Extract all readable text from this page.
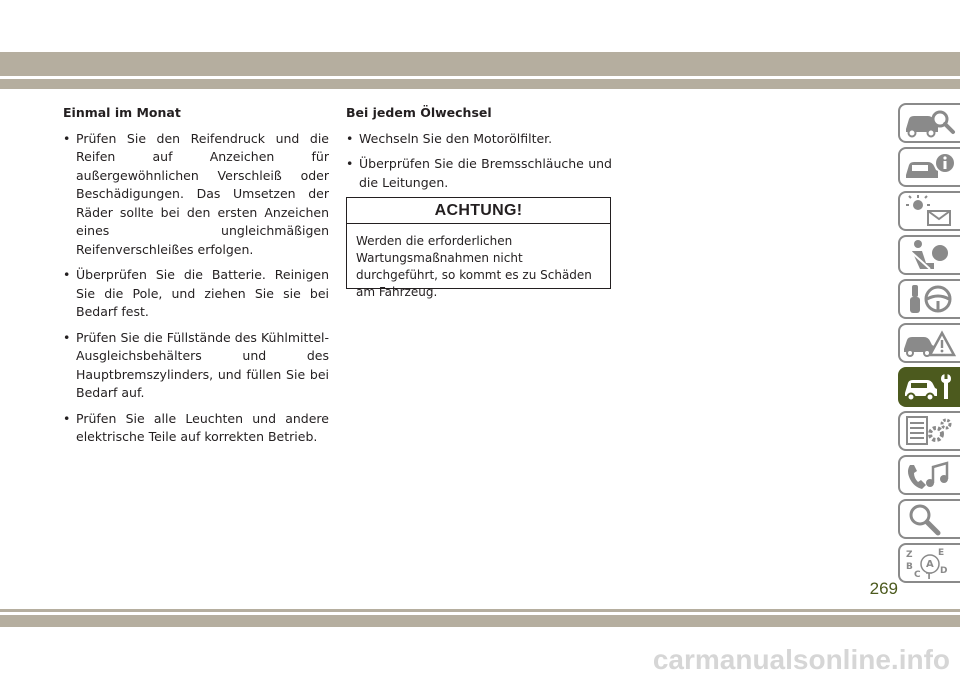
Einmal im Monat
• Prüfen Sie den Reifendruck und die Reifen auf Anzeichen für außergewöhnlichen Verschleiß oder Beschädigungen. Das Umsetzen der Räder sollte bei den ersten Anzeichen eines ungleichmäßigen Reifenverschleißes erfolgen.
• Überprüfen Sie die Batterie. Reinigen Sie die Pole, und ziehen Sie sie bei Bedarf fest.
• Prüfen Sie die Füllstände des Kühlmittel-Ausgleichsbehälters und des Hauptbremszylinders, und füllen Sie bei Bedarf auf.
• Prüfen Sie alle Leuchten und andere elektrische Teile auf korrekten Betrieb.
Bei jedem Ölwechsel
• Wechseln Sie den Motorölfilter.
• Überprüfen Sie die Bremsschläuche und die Leitungen.
ACHTUNG!
Werden die erforderlichen Wartungsmaßnahmen nicht durchgeführt, so kommt es zu Schäden am Fahrzeug.
Z	E
A
B
C T
D
269
carmanualsonline.info
